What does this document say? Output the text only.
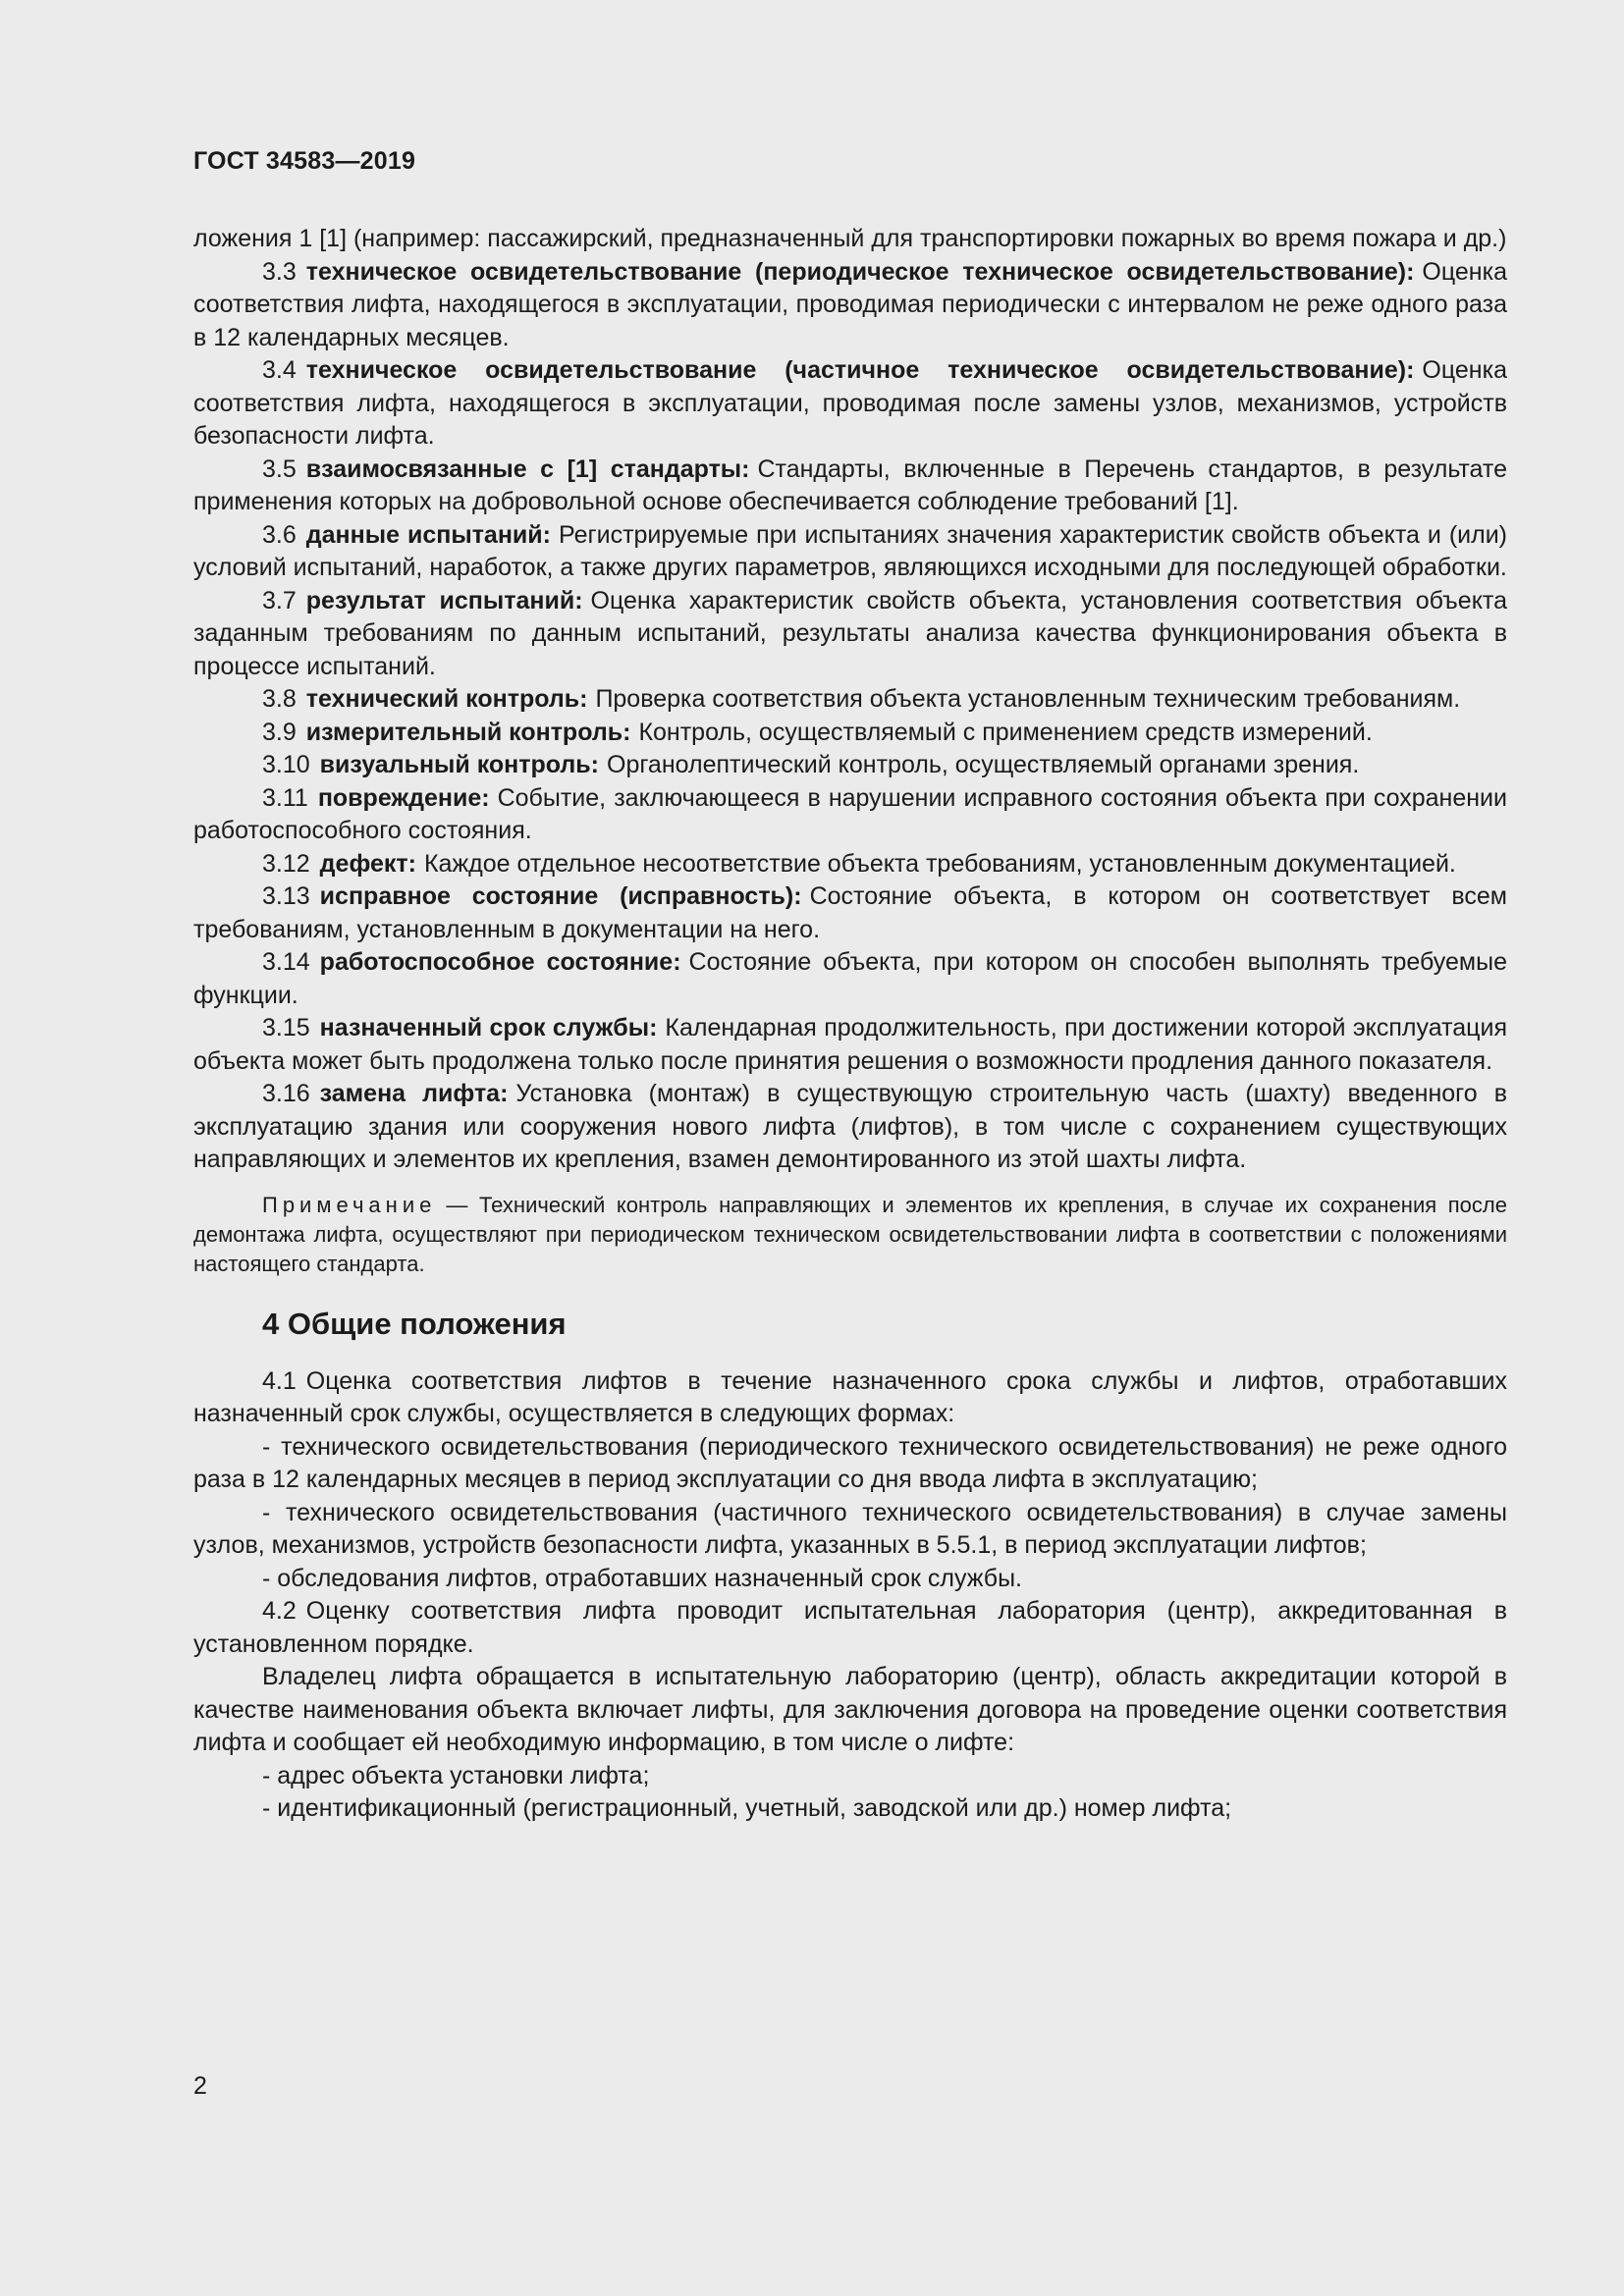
ГОСТ 34583—2019

ложения 1 [1] (например: пассажирский, предназначенный для транспортировки пожарных во время пожара и др.)

3.3 техническое освидетельствование (периодическое техническое освидетельствование): Оценка соответствия лифта, находящегося в эксплуатации, проводимая периодически с интервалом не реже одного раза в 12 календарных месяцев.

3.4 техническое освидетельствование (частичное техническое освидетельствование): Оценка соответствия лифта, находящегося в эксплуатации, проводимая после замены узлов, механизмов, устройств безопасности лифта.

3.5 взаимосвязанные с [1] стандарты: Стандарты, включенные в Перечень стандартов, в результате применения которых на добровольной основе обеспечивается соблюдение требований [1].

3.6 данные испытаний: Регистрируемые при испытаниях значения характеристик свойств объекта и (или) условий испытаний, наработок, а также других параметров, являющихся исходными для последующей обработки.

3.7 результат испытаний: Оценка характеристик свойств объекта, установления соответствия объекта заданным требованиям по данным испытаний, результаты анализа качества функционирования объекта в процессе испытаний.

3.8 технический контроль: Проверка соответствия объекта установленным техническим требованиям.

3.9 измерительный контроль: Контроль, осуществляемый с применением средств измерений.

3.10 визуальный контроль: Органолептический контроль, осуществляемый органами зрения.

3.11 повреждение: Событие, заключающееся в нарушении исправного состояния объекта при сохранении работоспособного состояния.

3.12 дефект: Каждое отдельное несоответствие объекта требованиям, установленным документацией.

3.13 исправное состояние (исправность): Состояние объекта, в котором он соответствует всем требованиям, установленным в документации на него.

3.14 работоспособное состояние: Состояние объекта, при котором он способен выполнять требуемые функции.

3.15 назначенный срок службы: Календарная продолжительность, при достижении которой эксплуатация объекта может быть продолжена только после принятия решения о возможности продления данного показателя.

3.16 замена лифта: Установка (монтаж) в существующую строительную часть (шахту) введенного в эксплуатацию здания или сооружения нового лифта (лифтов), в том числе с сохранением существующих направляющих и элементов их крепления, взамен демонтированного из этой шахты лифта.

Примечание — Технический контроль направляющих и элементов их крепления, в случае их сохранения после демонтажа лифта, осуществляют при периодическом техническом освидетельствовании лифта в соответствии с положениями настоящего стандарта.

4 Общие положения

4.1 Оценка соответствия лифтов в течение назначенного срока службы и лифтов, отработавших назначенный срок службы, осуществляется в следующих формах:

- технического освидетельствования (периодического технического освидетельствования) не реже одного раза в 12 календарных месяцев в период эксплуатации со дня ввода лифта в эксплуатацию;

- технического освидетельствования (частичного технического освидетельствования) в случае замены узлов, механизмов, устройств безопасности лифта, указанных в 5.5.1, в период эксплуатации лифтов;

- обследования лифтов, отработавших назначенный срок службы.

4.2 Оценку соответствия лифта проводит испытательная лаборатория (центр), аккредитованная в установленном порядке.

Владелец лифта обращается в испытательную лабораторию (центр), область аккредитации которой в качестве наименования объекта включает лифты, для заключения договора на проведение оценки соответствия лифта и сообщает ей необходимую информацию, в том числе о лифте:

- адрес объекта установки лифта;

- идентификационный (регистрационный, учетный, заводской или др.) номер лифта;

2
